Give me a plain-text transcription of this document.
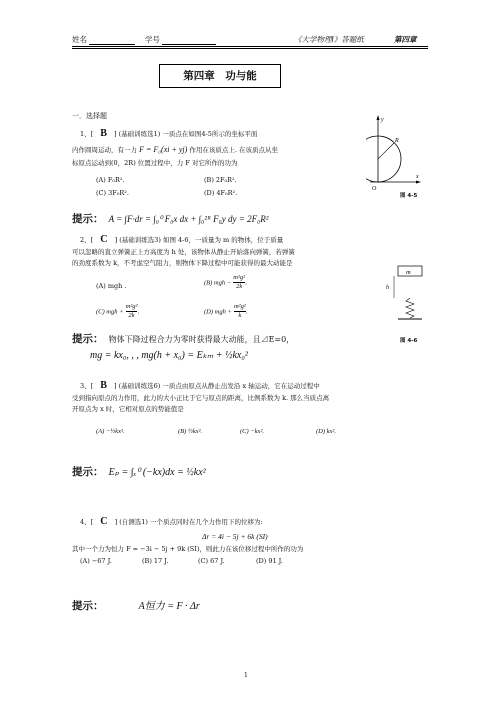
姓名	学号	《大学物理Ⅰ》答题纸	第四章
第四章　功与能
一．选择题
1、[ B ] (基础训练选1) 一质点在如图4-5所示的坐标平面
内作圆周运动，有一力 F = F₀(xi + yj) 作用在该质点上. 在该质点从坐
标原点运动到(0，2R) 位置过程中，力 F 对它所作的功为
(A) F₀R².	(B) 2F₀R².
(C) 3F₀R².	(D) 4F₀R².
提示： A = ∫F·dr = ∫₀⁰ F₀x dx + ∫₀²ᴿ F₀y dy = 2F₀R²
y
x
R
O
图 4-5
2、[ C ] (基础训练选3) 如图 4-6，一质量为 m 的物体，位于质量
可以忽略的直立弹簧正上方高度为 h 处，该物体从静止开始落向弹簧，若弹簧
的劲度系数为 k，不考虑空气阻力，则物体下降过程中可能获得的最大动能是
(A) mgh .	(B) mgh − $\frac{\text{m²g²}}{2k}$ .
(C) mgh + $\frac{\text{m²g²}}{2k}$ .	(D) mgh + $\frac{\text{m²g²}}{k}$ .
提示： 物体下降过程合力为零时获得最大动能，且⊿E=0，
mg = kx₀, , , mg(h + x₀) = Eₖₘ + ½kx₀²
m
h
图 4-6
3、[ B ] (基础训练选6) 一质点由原点从静止出发沿 x 轴运动，它在运动过程中
受到指向原点的力作用，此力的大小正比于它与原点的距离，比例系数为 k. 那么当质点离
开原点为 x 时，它相对原点的势能值是
(A) −½kx².	(B) ½kx².	(C) −kx².	(D) kx².
提示： Eₚ = ∫ₓ⁰ (−kx)dx = ½kx²
4、[ C ] (自测选1) 一个质点同时在几个力作用下的位移为:
Δr = 4i − 5j + 6k (SI)
其中一个力为恒力 F = −3i − 5j + 9k (SI)，则此力在该位移过程中所作的功为
(A) −67 J.	(B) 17 J.	(C) 67 J.	(D) 91 J.
提示：	A恒力 = F · Δr
1
